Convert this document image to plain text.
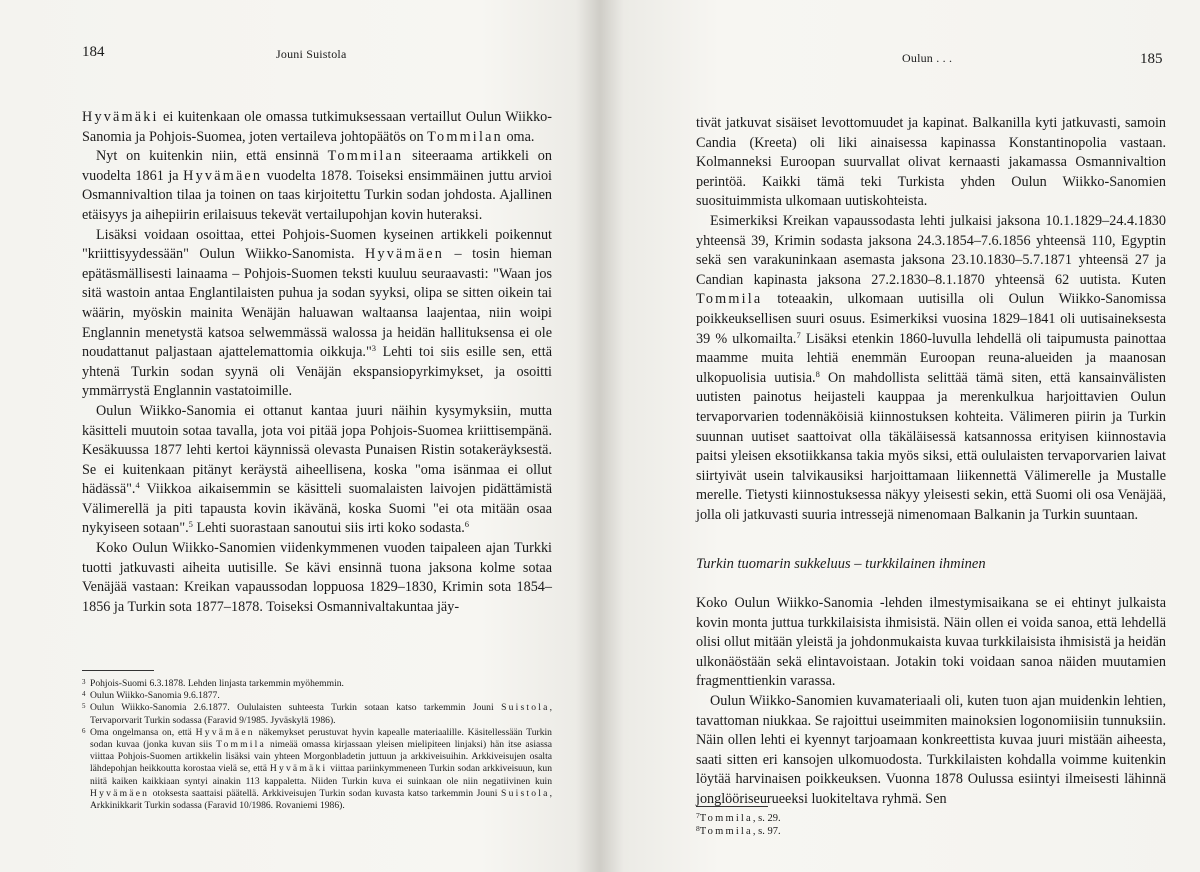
184	Jouni Suistola

Hyvämäki ei kuitenkaan ole omassa tutkimuksessaan vertaillut Oulun Wiikko-Sanomia ja Pohjois-Suomea, joten vertaileva johtopäätös on Tommilan oma.

Nyt on kuitenkin niin, että ensinnä Tommilan siteeraama artikkeli on vuodelta 1861 ja Hyvämäen vuodelta 1878. Toiseksi ensimmäinen juttu arvioi Osmannivaltion tilaa ja toinen on taas kirjoitettu Turkin sodan johdosta. Ajallinen etäisyys ja aihepiirin erilaisuus tekevät vertailupohjan kovin huteraksi.

Lisäksi voidaan osoittaa, ettei Pohjois-Suomen kyseinen artikkeli poikennut "kriittisyydessään" Oulun Wiikko-Sanomista. Hyvämäen – tosin hieman epätäsmällisesti lainaama – Pohjois-Suomen teksti kuuluu seuraavasti: "Waan jos sitä wastoin antaa Englantilaisten puhua ja sodan syyksi, olipa se sitten oikein tai wäärin, myöskin mainita Wenäjän haluawan waltaansa laajentaa, niin woipi Englannin menetystä katsoa selwemmässä walossa ja heidän hallituksensa ei ole noudattanut paljastaan ajattelemattomia oikkuja."$^3$ Lehti toi siis esille sen, että yhtenä Turkin sodan syynä oli Venäjän ekspansiopyrkimykset, ja osoitti ymmärrystä Englannin vastatoimille.

Oulun Wiikko-Sanomia ei ottanut kantaa juuri näihin kysymyksiin, mutta käsitteli muutoin sotaa tavalla, jota voi pitää jopa Pohjois-Suomea kriittisempänä. Kesäkuussa 1877 lehti kertoi käynnissä olevasta Punaisen Ristin sotakeräyksestä. Se ei kuitenkaan pitänyt keräystä aiheellisena, koska "oma isänmaa ei ollut hädässä".$^4$ Viikkoa aikaisemmin se käsitteli suomalaisten laivojen pidättämistä Välimerellä ja piti tapausta kovin ikävänä, koska Suomi "ei ota mitään osaa nykyiseen sotaan".$^5$ Lehti suorastaan sanoutui siis irti koko sodasta.$^6$

Koko Oulun Wiikko-Sanomien viidenkymmenen vuoden taipaleen ajan Turkki tuotti jatkuvasti aiheita uutisille. Se kävi ensinnä tuona jaksona kolme sotaa Venäjää vastaan: Kreikan vapaussodan loppuosa 1829–1830, Krimin sota 1854–1856 ja Turkin sota 1877–1878. Toiseksi Osmannivaltakuntaa jäy-

3 Pohjois-Suomi 6.3.1878. Lehden linjasta tarkemmin myöhemmin.
4 Oulun Wiikko-Sanomia 9.6.1877.
5 Oulun Wiikko-Sanomia 2.6.1877. Oululaisten suhteesta Turkin sotaan katso tarkemmin Jouni Suistola, Tervaporvarit Turkin sodassa (Faravid 9/1985. Jyväskylä 1986).
6 Oma ongelmansa on, että Hyvämäen näkemykset perustuvat hyvin kapealle materiaalille. Käsitellessään Turkin sodan kuvaa (jonka kuvan siis Tommila nimeää omassa kirjassaan yleisen mielipiteen linjaksi) hän itse asiassa viittaa Pohjois-Suomen artikkelin lisäksi vain yhteen Morgonbladetin juttuun ja arkkiveisuihin. Arkkiveisujen osalta lähdepohjan heikkoutta korostaa vielä se, että Hyvämäki viittaa pariinkymmeneen Turkin sodan arkkiveisuun, kun niitä kaiken kaikkiaan syntyi ainakin 113 kappaletta. Niiden Turkin kuva ei suinkaan ole niin negatiivinen kuin Hyvämäen otoksesta saattaisi päätellä. Arkkiveisujen Turkin sodan kuvasta katso tarkemmin Jouni Suistola, Arkkinikkarit Turkin sodassa (Faravid 10/1986. Rovaniemi 1986).
Oulun . . .	185

tivät jatkuvat sisäiset levottomuudet ja kapinat. Balkanilla kyti jatkuvasti, samoin Candia (Kreeta) oli liki ainaisessa kapinassa Konstantinopolia vastaan. Kolmanneksi Euroopan suurvallat olivat kernaasti jakamassa Osmannivaltion perintöä. Kaikki tämä teki Turkista yhden Oulun Wiikko-Sanomien suosituimmista ulkomaan uutiskohteista.

Esimerkiksi Kreikan vapaussodasta lehti julkaisi jaksona 10.1.1829–24.4.1830 yhteensä 39, Krimin sodasta jaksona 24.3.1854–7.6.1856 yhteensä 110, Egyptin sekä sen varakuninkaan asemasta jaksona 23.10.1830–5.7.1871 yhteensä 27 ja Candian kapinasta jaksona 27.2.1830–8.1.1870 yhteensä 62 uutista. Kuten Tommila toteaakin, ulkomaan uutisilla oli Oulun Wiikko-Sanomissa poikkeuksellisen suuri osuus. Esimerkiksi vuosina 1829–1841 oli uutisaineksesta 39 % ulkomailta.$^7$ Lisäksi etenkin 1860-luvulla lehdellä oli taipumusta painottaa maamme muita lehtiä enemmän Euroopan reuna-alueiden ja maanosan ulkopuolisia uutisia.$^8$ On mahdollista selittää tämä siten, että kansainvälisten uutisten painotus heijasteli kauppaa ja merenkulkua harjoittavien Oulun tervaporvarien todennäköisiä kiinnostuksen kohteita. Välimeren piirin ja Turkin suunnan uutiset saattoivat olla täkäläisessä katsannossa erityisen kiinnostavia paitsi yleisen eksotiikkansa takia myös siksi, että oululaisten tervaporvarien laivat siirtyivät usein talvikausiksi harjoittamaan liikennettä Välimerelle ja Mustalle merelle. Tietysti kiinnostuksessa näkyy yleisesti sekin, että Suomi oli osa Venäjää, jolla oli jatkuvasti suuria intressejä nimenomaan Balkanin ja Turkin suuntaan.

Turkin tuomarin sukkeluus – turkkilainen ihminen

Koko Oulun Wiikko-Sanomia -lehden ilmestymisaikana se ei ehtinyt julkaista kovin monta juttua turkkilaisista ihmisistä. Näin ollen ei voida sanoa, että lehdellä olisi ollut mitään yleistä ja johdonmukaista kuvaa turkkilaisista ihmisistä ja heidän ulkonäöstään sekä elintavoistaan. Jotakin toki voidaan sanoa näiden muutamien fragmenttienkin varassa.

Oulun Wiikko-Sanomien kuvamateriaali oli, kuten tuon ajan muidenkin lehtien, tavattoman niukkaa. Se rajoittui useimmiten mainoksien logonomiisiin tunnuksiin. Näin ollen lehti ei kyennyt tarjoamaan konkreettista kuvaa juuri mistään aiheesta, saati sitten eri kansojen ulkomuodosta. Turkkilaisten kohdalla voimme kuitenkin löytää harvinaisen poikkeuksen. Vuonna 1878 Oulussa esiintyi ilmeisesti lähinnä jonglööriseurueeksi luokiteltava ryhmä. Sen

$^7$Tommila, s. 29.
$^8$Tommila, s. 97.
